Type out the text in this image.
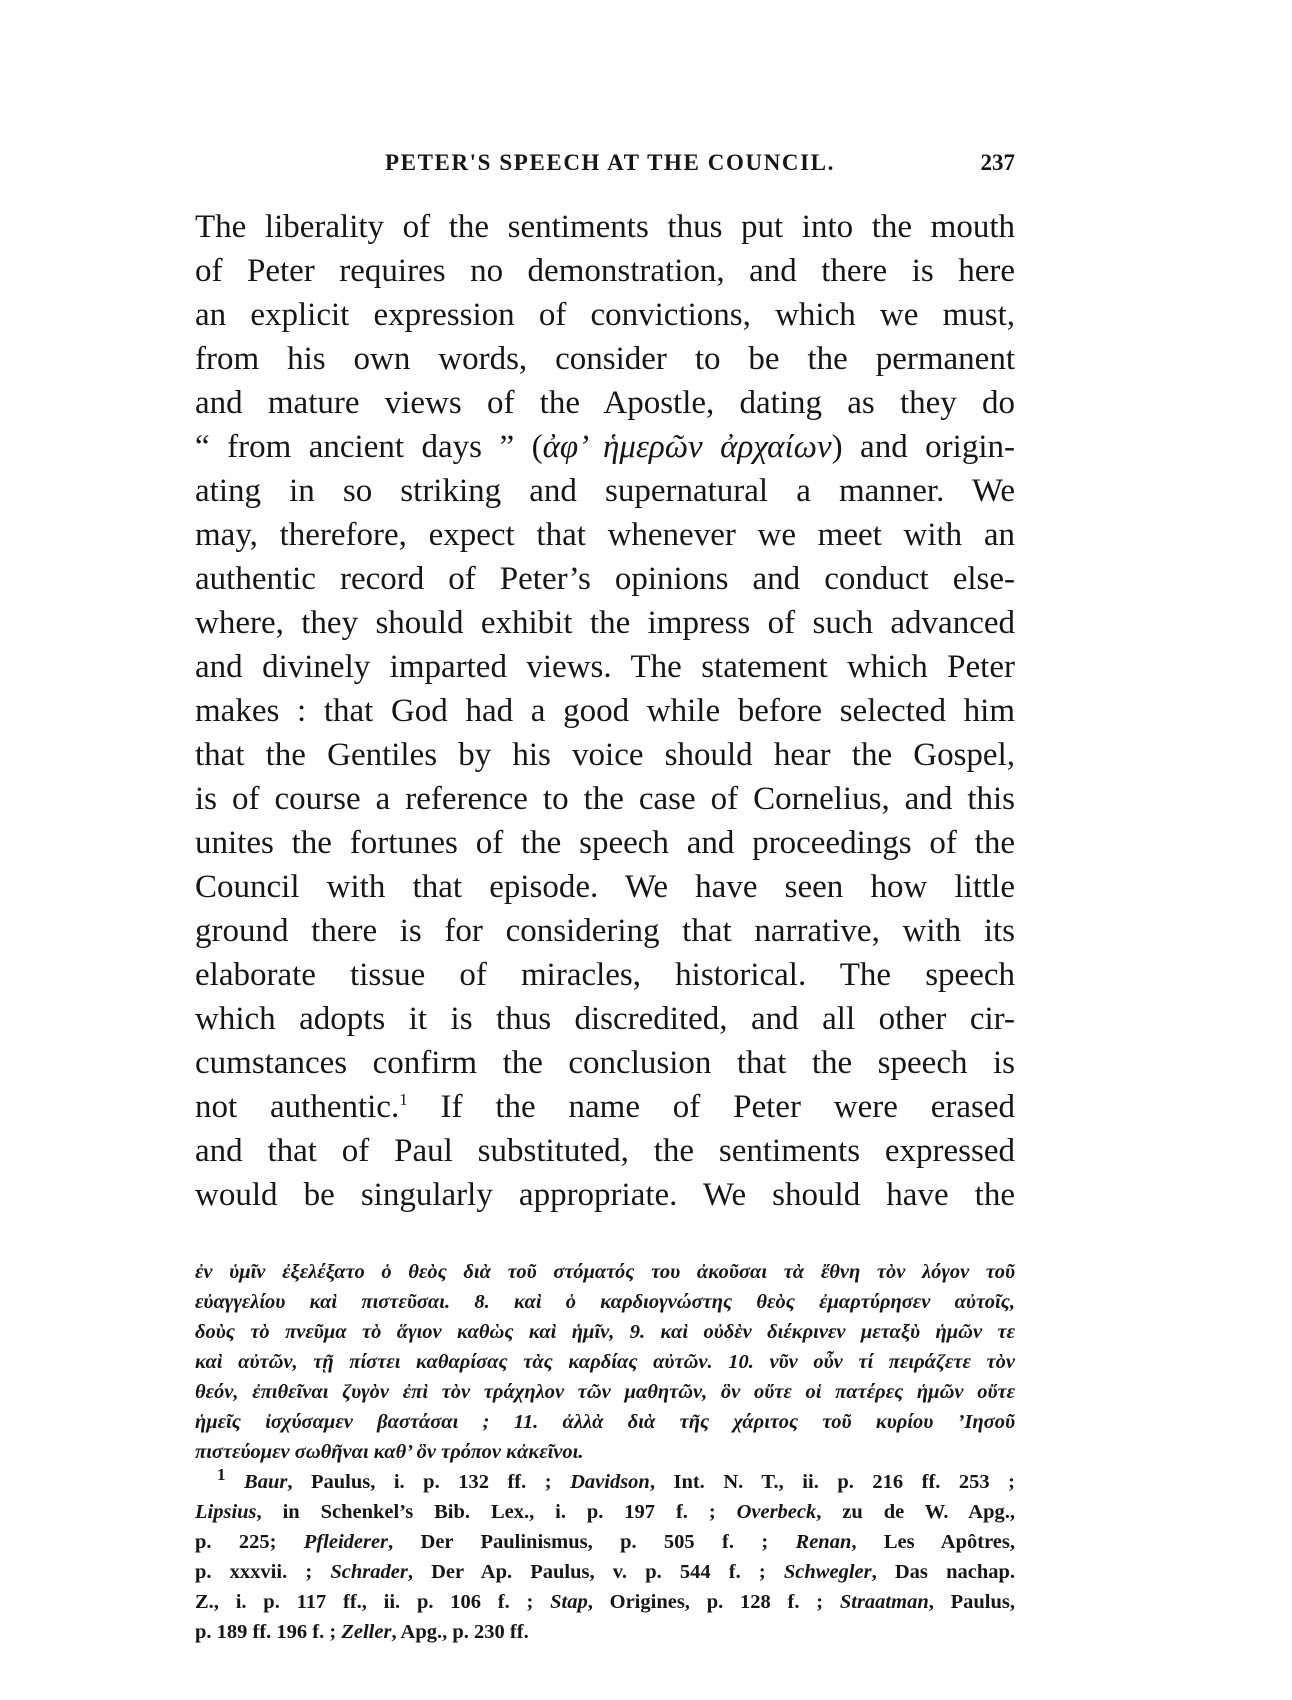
PETER'S SPEECH AT THE COUNCIL.	237
The liberality of the sentiments thus put into the mouth
of Peter requires no demonstration, and there is here
an explicit expression of convictions, which we must,
from his own words, consider to be the permanent
and mature views of the Apostle, dating as they do
“ from ancient days ” (ἀφ’ ἡμερῶν ἀρχαίων) and origin-
ating in so striking and supernatural a manner. We
may, therefore, expect that whenever we meet with an
authentic record of Peter’s opinions and conduct else-
where, they should exhibit the impress of such advanced
and divinely imparted views. The statement which Peter
makes : that God had a good while before selected him
that the Gentiles by his voice should hear the Gospel,
is of course a reference to the case of Cornelius, and this
unites the fortunes of the speech and proceedings of the
Council with that episode. We have seen how little
ground there is for considering that narrative, with its
elaborate tissue of miracles, historical. The speech
which adopts it is thus discredited, and all other cir-
cumstances confirm the conclusion that the speech is
not authentic.$^1$ If the name of Peter were erased
and that of Paul substituted, the sentiments expressed
would be singularly appropriate. We should have the
ἐν ὑμῖν ἐξελέξατο ὁ θεὸς διὰ τοῦ στόματός του ἀκοῦσαι τὰ ἔθνη τὸν λόγον τοῦ
εὐαγγελίου καὶ πιστεῦσαι. 8. καὶ ὁ καρδιογνώστης θεὸς ἐμαρτύρησεν αὐτοῖς,
δοὺς τὸ πνεῦμα τὸ ἅγιον καθὼς καὶ ἡμῖν, 9. καὶ οὐδὲν διέκρινεν μεταξὺ ἡμῶν τε
καὶ αὐτῶν, τῇ πίστει καθαρίσας τὰς καρδίας αὐτῶν. 10. νῦν οὖν τί πειράζετε τὸν
θεόν, ἐπιθεῖναι ζυγὸν ἐπὶ τὸν τράχηλον τῶν μαθητῶν, ὃν οὔτε οἱ πατέρες ἡμῶν οὔτε
ἡμεῖς ἰσχύσαμεν βαστάσαι ; 11. ἀλλὰ διὰ τῆς χάριτος τοῦ κυρίου ’Ιησοῦ
πιστεύομεν σωθῆναι καθ’ ὃν τρόπον κἀκεῖνοι.
$^1$ Baur, Paulus, i. p. 132 ff. ; Davidson, Int. N. T., ii. p. 216 ff. 253 ;
Lipsius, in Schenkel’s Bib. Lex., i. p. 197 f. ; Overbeck, zu de W. Apg.,
p. 225; Pfleiderer, Der Paulinismus, p. 505 f. ; Renan, Les Apôtres,
p. xxxvii. ; Schrader, Der Ap. Paulus, v. p. 544 f. ; Schwegler, Das nachap.
Z., i. p. 117 ff., ii. p. 106 f. ; Stap, Origines, p. 128 f. ; Straatman, Paulus,
p. 189 ff. 196 f. ; Zeller, Apg., p. 230 ff.
